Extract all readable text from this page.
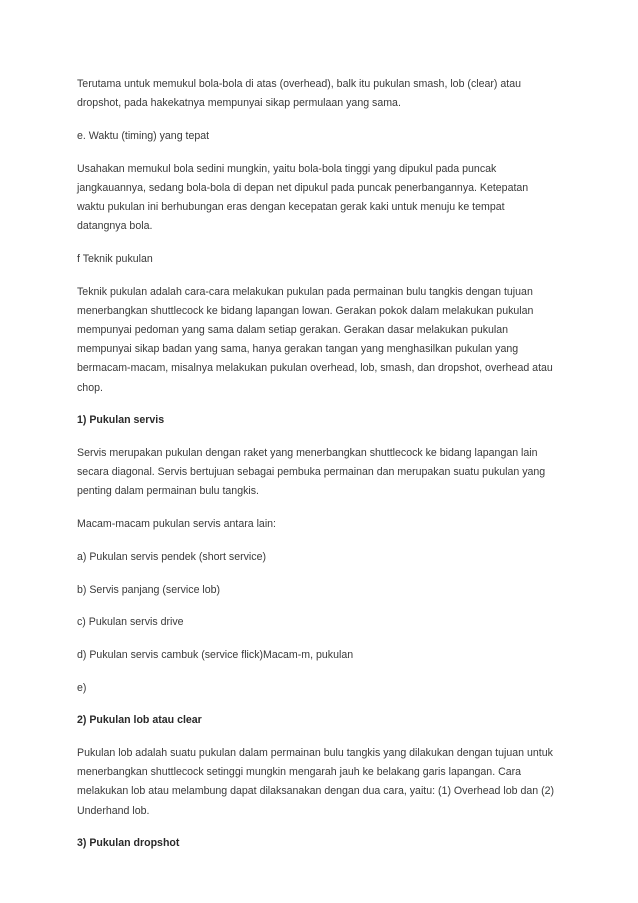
Terutama untuk memukul bola-bola di atas (overhead), balk itu pukulan smash, lob (clear) atau
dropshot, pada hakekatnya mempunyai sikap permulaan yang sama.

e. Waktu (timing) yang tepat

Usahakan memukul bola sedini mungkin, yaitu bola-bola tinggi yang dipukul pada puncak
jangkauannya, sedang bola-bola di depan net dipukul pada puncak penerbangannya. Ketepatan
waktu pukulan ini berhubungan eras dengan kecepatan gerak kaki untuk menuju ke tempat
datangnya bola.

f Teknik pukulan

Teknik pukulan adalah cara-cara melakukan pukulan pada permainan bulu tangkis dengan tujuan
menerbangkan shuttlecock ke bidang lapangan lowan. Gerakan pokok dalam melakukan pukulan
mempunyai pedoman yang sama dalam setiap gerakan. Gerakan dasar melakukan pukulan
mempunyai sikap badan yang sama, hanya gerakan tangan yang menghasilkan pukulan yang
bermacam-macam, misalnya melakukan pukulan overhead, lob, smash, dan dropshot, overhead atau
chop.

1) Pukulan servis

Servis merupakan pukulan dengan raket yang menerbangkan shuttlecock ke bidang lapangan lain
secara diagonal. Servis bertujuan sebagai pembuka permainan dan merupakan suatu pukulan yang
penting dalam permainan bulu tangkis.

Macam-macam pukulan servis antara lain:

a) Pukulan servis pendek (short service)

b) Servis panjang (service lob)

c) Pukulan servis drive

d) Pukulan servis cambuk (service flick)Macam-m, pukulan

e)

2) Pukulan lob atau clear

Pukulan lob adalah suatu pukulan dalam permainan bulu tangkis yang dilakukan dengan tujuan untuk
menerbangkan shuttlecock setinggi mungkin mengarah jauh ke belakang garis lapangan. Cara
melakukan lob atau melambung dapat dilaksanakan dengan dua cara, yaitu: (1) Overhead lob dan (2)
Underhand lob.

3) Pukulan dropshot
